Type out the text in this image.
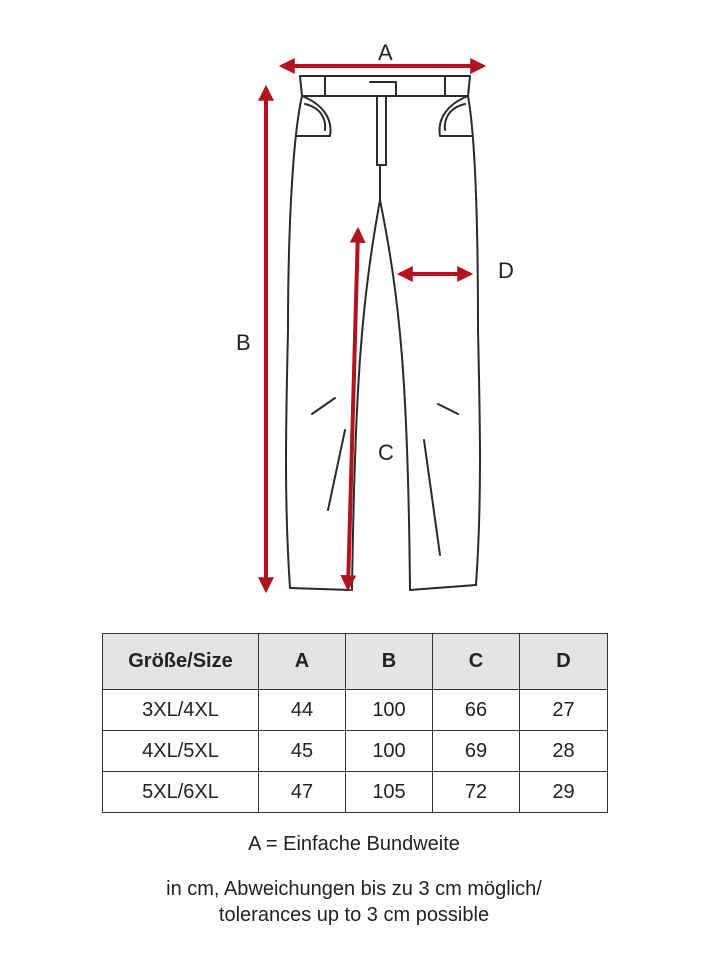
A
B
C
D
Größe/Size	A	B	C	D
3XL/4XL	44	100	66	27
4XL/5XL	45	100	69	28
5XL/6XL	47	105	72	29
A = Einfache Bundweite
in cm, Abweichungen bis zu 3 cm möglich/
tolerances up to 3 cm possible
